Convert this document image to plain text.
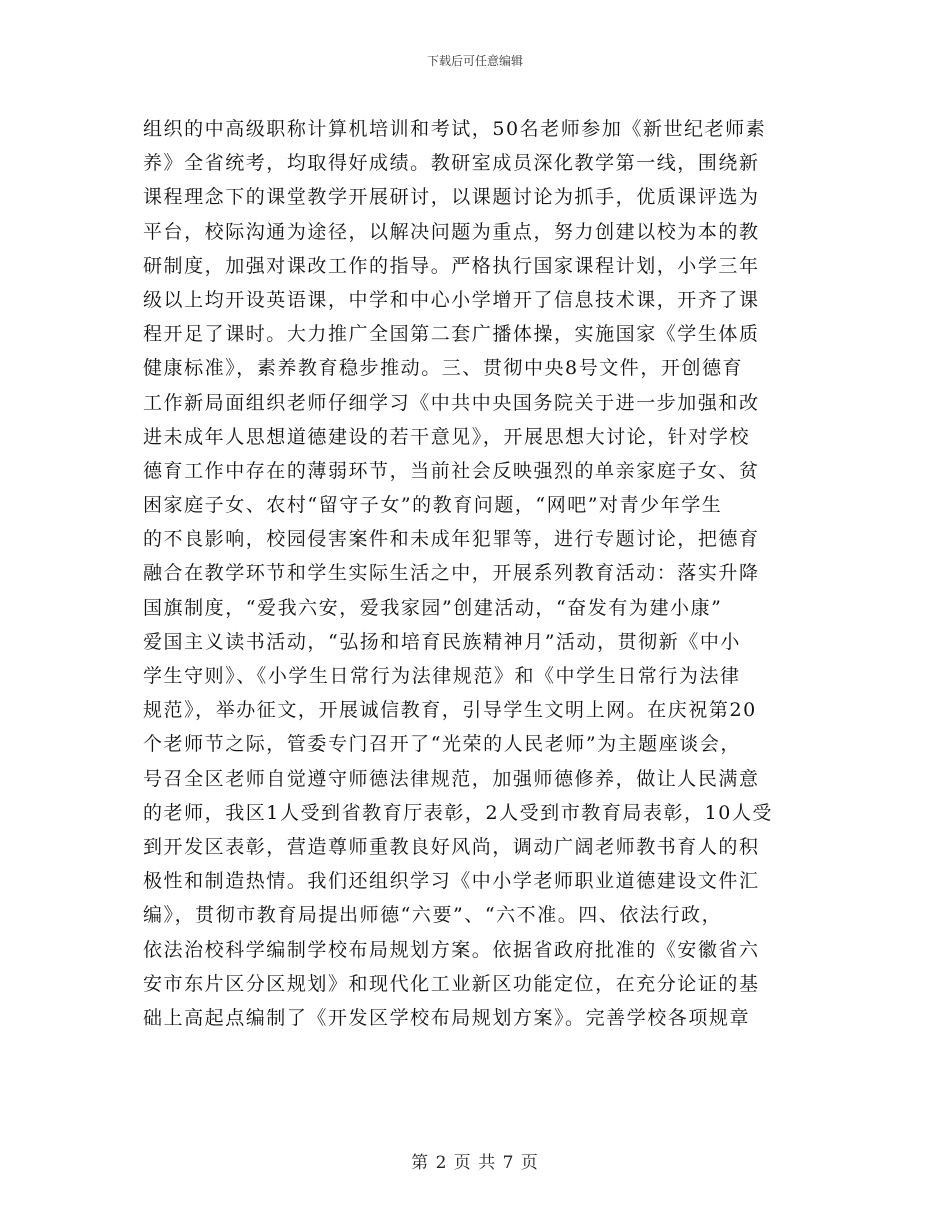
下载后可任意编辑
组织的中高级职称计算机培训和考试，50名老师参加《新世纪老师素
养》全省统考，均取得好成绩。教研室成员深化教学第一线，围绕新
课程理念下的课堂教学开展研讨，以课题讨论为抓手，优质课评选为
平台，校际沟通为途径，以解决问题为重点，努力创建以校为本的教
研制度，加强对课改工作的指导。严格执行国家课程计划，小学三年
级以上均开设英语课，中学和中心小学增开了信息技术课，开齐了课
程开足了课时。大力推广全国第二套广播体操，实施国家《学生体质
健康标准》，素养教育稳步推动。三、贯彻中央8号文件，开创德育
工作新局面组织老师仔细学习《中共中央国务院关于进一步加强和改
进未成年人思想道德建设的若干意见》，开展思想大讨论，针对学校
德育工作中存在的薄弱环节，当前社会反映强烈的单亲家庭子女、贫
困家庭子女、农村“留守子女”的教育问题，“网吧”对青少年学生
的不良影响，校园侵害案件和未成年犯罪等，进行专题讨论，把德育
融合在教学环节和学生实际生活之中，开展系列教育活动：落实升降
国旗制度，“爱我六安，爱我家园”创建活动，“奋发有为建小康”
爱国主义读书活动，“弘扬和培育民族精神月”活动，贯彻新《中小
学生守则》、《小学生日常行为法律规范》和《中学生日常行为法律
规范》，举办征文，开展诚信教育，引导学生文明上网。在庆祝第20
个老师节之际，管委专门召开了“光荣的人民老师”为主题座谈会，
号召全区老师自觉遵守师德法律规范，加强师德修养，做让人民满意
的老师，我区1人受到省教育厅表彰，2人受到市教育局表彰，10人受
到开发区表彰，营造尊师重教良好风尚，调动广阔老师教书育人的积
极性和制造热情。我们还组织学习《中小学老师职业道德建设文件汇
编》，贯彻市教育局提出师德“六要”、“六不准。四、依法行政，
依法治校科学编制学校布局规划方案。依据省政府批准的《安徽省六
安市东片区分区规划》和现代化工业新区功能定位，在充分论证的基
础上高起点编制了《开发区学校布局规划方案》。完善学校各项规章
第 2 页 共 7 页
